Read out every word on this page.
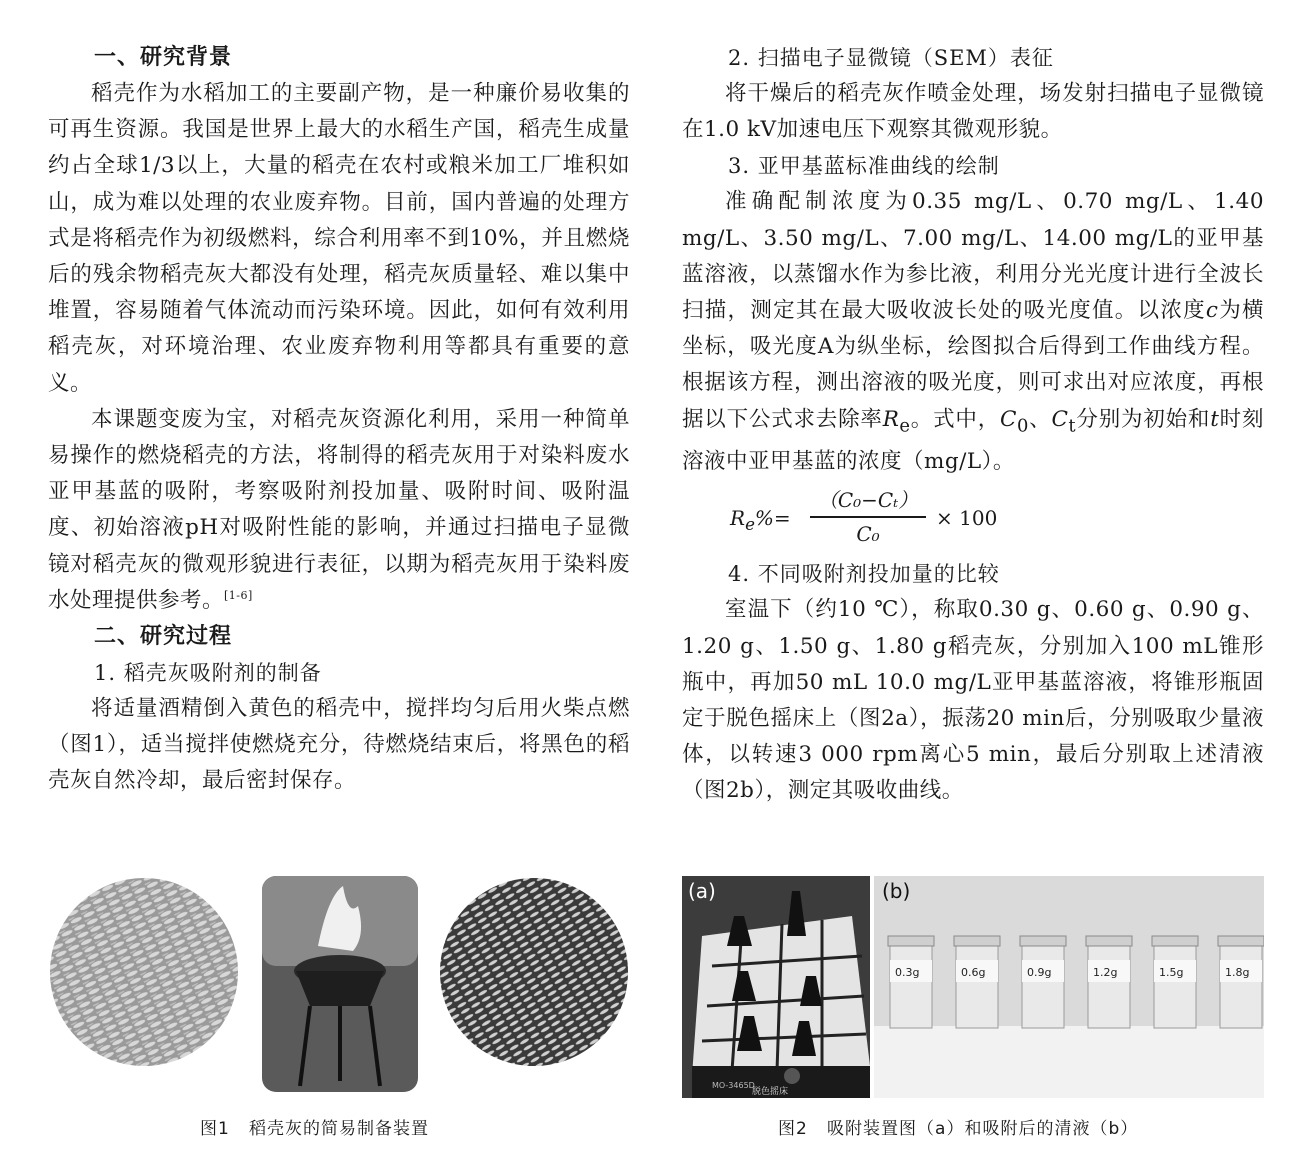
一、研究背景

稻壳作为水稻加工的主要副产物，是一种廉价易收集的可再生资源。我国是世界上最大的水稻生产国，稻壳生成量约占全球1/3以上，大量的稻壳在农村或粮米加工厂堆积如山，成为难以处理的农业废弃物。目前，国内普遍的处理方式是将稻壳作为初级燃料，综合利用率不到10%，并且燃烧后的残余物稻壳灰大都没有处理，稻壳灰质量轻、难以集中堆置，容易随着气体流动而污染环境。因此，如何有效利用稻壳灰，对环境治理、农业废弃物利用等都具有重要的意义。

本课题变废为宝，对稻壳灰资源化利用，采用一种简单易操作的燃烧稻壳的方法，将制得的稻壳灰用于对染料废水亚甲基蓝的吸附，考察吸附剂投加量、吸附时间、吸附温度、初始溶液pH对吸附性能的影响，并通过扫描电子显微镜对稻壳灰的微观形貌进行表征，以期为稻壳灰用于染料废水处理提供参考。[1-6]

二、研究过程
1. 稻壳灰吸附剂的制备

将适量酒精倒入黄色的稻壳中，搅拌均匀后用火柴点燃（图1），适当搅拌使燃烧充分，待燃烧结束后，将黑色的稻壳灰自然冷却，最后密封保存。

2. 扫描电子显微镜（SEM）表征

将干燥后的稻壳灰作喷金处理，场发射扫描电子显微镜在1.0 kV加速电压下观察其微观形貌。

3. 亚甲基蓝标准曲线的绘制

准确配制浓度为0.35 mg/L、0.70 mg/L、1.40 mg/L、3.50 mg/L、7.00 mg/L、14.00 mg/L的亚甲基蓝溶液，以蒸馏水作为参比液，利用分光光度计进行全波长扫描，测定其在最大吸收波长处的吸光度值。以浓度c为横坐标，吸光度A为纵坐标，绘图拟合后得到工作曲线方程。根据该方程，测出溶液的吸光度，则可求出对应浓度，再根据以下公式求去除率$R_e$。式中，$C_0$、$C_t$分别为初始和t时刻溶液中亚甲基蓝的浓度（mg/L）。

$R_e\%=$
（C₀−Cₜ）
C₀
× 100
4. 不同吸附剂投加量的比较

室温下（约10 ℃），称取0.30 g、0.60 g、0.90 g、1.20 g、1.50 g、1.80 g稻壳灰，分别加入100 mL锥形瓶中，再加50 mL 10.0 mg/L亚甲基蓝溶液，将锥形瓶固定于脱色摇床上（图2a），振荡20 min后，分别吸取少量液体，以转速3 000 rpm离心5 min，最后分别取上述清液（图2b），测定其吸收曲线。

图1 稻壳灰的简易制备装置
MO-3465D
脱色摇床
(a)
0.3g	0.6g	0.9g	1.2g	1.5g	1.8g
(b)
图2 吸附装置图（a）和吸附后的清液（b）
